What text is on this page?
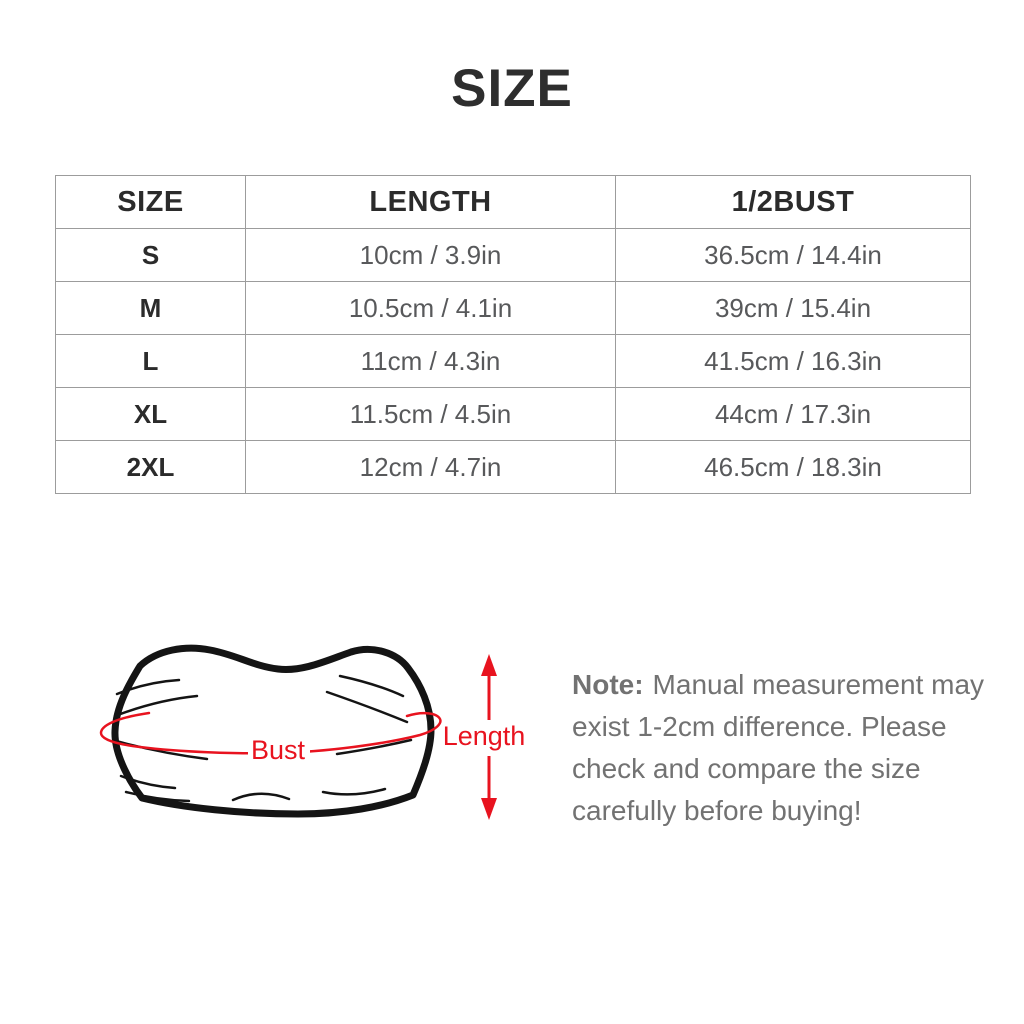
SIZE
SIZE	LENGTH	1/2BUST
S	10cm / 3.9in	36.5cm / 14.4in
M	10.5cm / 4.1in	39cm / 15.4in
L	11cm / 4.3in	41.5cm / 16.3in
XL	11.5cm / 4.5in	44cm / 17.3in
2XL	12cm / 4.7in	46.5cm / 18.3in
Bust	Length
Note: Manual measurement may
exist 1-2cm difference. Please
check and compare the size
carefully before buying!
